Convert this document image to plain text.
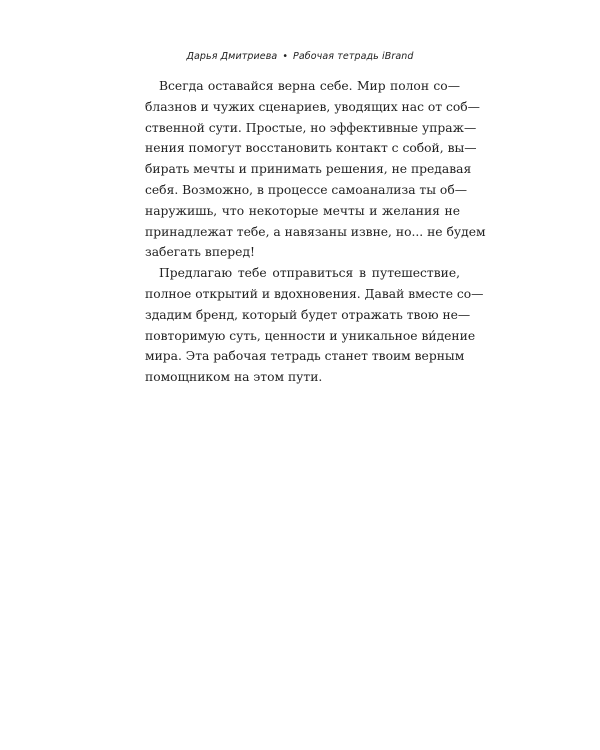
Дарья Дмитриева • Рабочая тетрадь iBrand

Всегда оставайся верна себе. Мир полон со—
блазнов и чужих сценариев, уводящих нас от соб—
ственной сути. Простые, но эффективные упраж—
нения помогут восстановить контакт с собой, вы—
бирать мечты и принимать решения, не предавая
себя. Возможно, в процессе самоанализа ты об—
наружишь, что некоторые мечты и желания не
принадлежат тебе, а навязаны извне, но... не будем
забегать вперед!

Предлагаю тебе отправиться в путешествие,
полное открытий и вдохновения. Давай вместе со—
здадим бренд, который будет отражать твою не—
повторимую суть, ценности и уникальное ви́дение
мира. Эта рабочая тетрадь станет твоим верным
помощником на этом пути.
